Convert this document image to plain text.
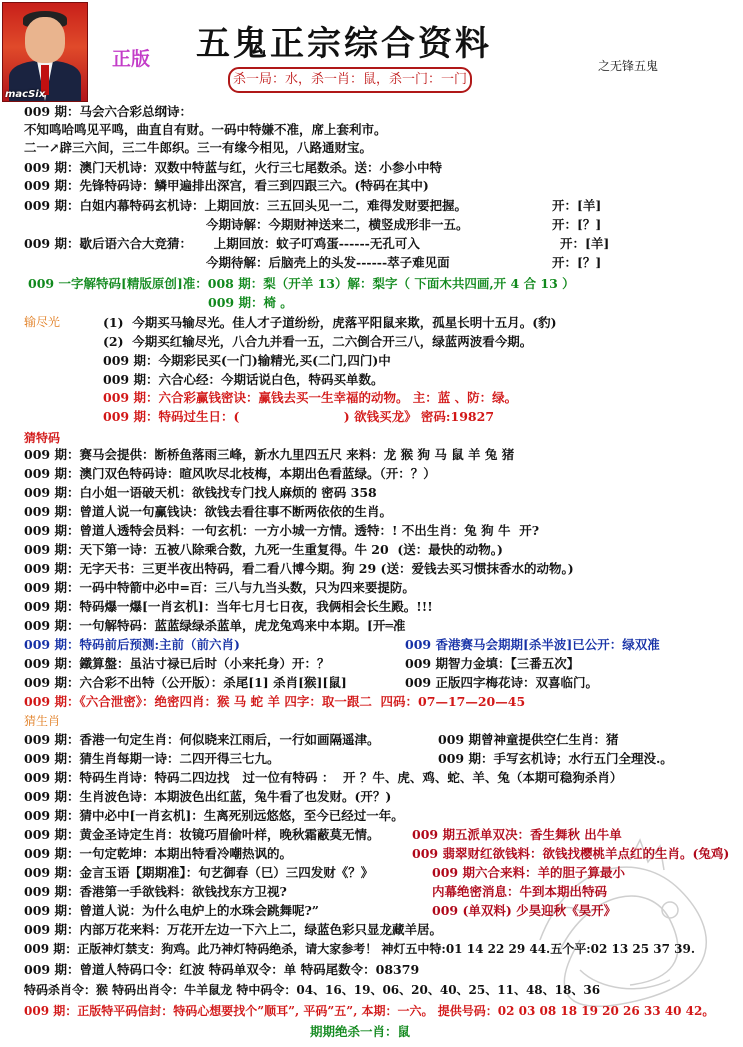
macSix
正版 五鬼正宗综合资料
之无锋五鬼
杀一局：水，杀一肖：鼠，杀一门：一门
009 期：马会六合彩总纲诗：
不知鸣哈鸣见平鸣，曲直自有财。一码中特嫌不准，席上套利市。
二一↗辟三六间，三二牛郎织。三一有缘今相见，八路通财宝。
009 期：澳门天机诗：双数中特蓝与红，火行三七尾数杀。送：小参小中特
009 期：先锋特码诗：鳞甲遍排出深宫，看三到四跟三六。(特码在其中)
009 期：白姐内幕特码玄机诗：上期回放：三五回头见一二，难得发财要把握。	开：[羊]
今期诗解：今期财神送来二，横竖成形非一五。	开：[？]
009 期：歇后语六合大竞猜：     上期回放：蚊子叮鸡蛋------无孔可入	开：[羊]
今期待解：后脑壳上的头发------萃子难见面	开：[？]
009 一字解特码[精版原创]准：008 期：梨（开羊 13）解：梨字（ 下面木共四画,开 4 合 13 ）
009 期：椅 。
输尽光	(1)  今期买马输尽光。佳人才子道纷纷，虎落平阳鼠来欺，孤星长明十五月。(豹)
(2)  今期买红输尽光，八合九并看一五，二六倒合开三八，绿蓝两波看今期。
009 期：今期彩民买(一门)输精光,买(二门,四门)中
009 期：六合心经：今期话说白色，特码买单数。
009 期：六合彩赢钱密诀：赢钱去买一生幸福的动物。 主：蓝 、防：绿。
009 期：特码过生日：(                        ) 欲钱买龙》 密码:19827
猜特码
009 期：赛马会提供：断桥鱼落雨三峰，新水九里四五尺 来料：龙 猴 狗 马 鼠 羊 兔 猪
009 期：澳门双色特码诗：暄风吹尽北枝梅，本期出色看蓝绿。（开：？）
009 期：白小姐一语破天机：欲钱找专门找人麻烦的 密码 358
009 期：曾道人说一句赢钱诀：欲钱去看往事不断两依依的生肖。
009 期：曾道人透特会员料：一句玄机：一方小城一方情。透特：! 不出生肖：兔 狗 牛  开?
009 期：天下第一诗：五被八除乘合数，九死一生重复得。牛 20  (送：最快的动物。)
009 期：无字天书：三更半夜出特码，看二看八博今期。狗 29 (送：爱钱去买习惯抹香水的动物。)
009 期：一码中特箭中必中=百：三八与九当头数，只为四来要提防。
009 期：特码爆一爆[一肖玄机]：当年七月七日夜，我俩相会长生殿。!!!
009 期：一句解特码：蓝蓝绿绿杀蓝单，虎龙兔鸡来中本期。[开═准
009 期：特码前后预测:主前（前六肖)	009 香港赛马会期期[杀半波]已公开：绿双准
009 期：鐵算盤：虽沾寸禄已后时（小来托身）开：？	009 期智力金填：【三番五次】
009 期：六合彩不出特（公开版）：杀尾[1] 杀肖[猴][鼠]	009 正版四字梅花诗：双喜临门。
009 期：《六合泄密》：绝密四肖：猴 马 蛇 羊 四字：取一跟二  四码：07—17—20—45
猜生肖
009 期：香港一句定生肖：何似晓来江雨后，一行如画隔遥津。	009 期曾神童提供空仁生肖：猪
009 期：猜生肖每期一诗：二四开得三七九。	009 期：手写玄机诗；水行五门全理没.。
009 期：特码生肖诗：特码二四边找   过一位有特码 ：  开 ？牛、虎、鸡、蛇、羊、兔（本期可稳狗杀肖）
009 期：生肖波色诗：本期波色出红蓝，兔牛看了也发财。(开？)
009 期：猜中必中[一肖玄机]：生离死别远悠悠，至今已经过一年。
009 期：黄金圣诗定生肖：妆镜巧眉偷叶样，晚秋霜蔽莫无情。	009 期五派单双决：香生舞秋 出牛单
009 期：一句定乾坤：本期出特看冷嘲热讽的。	009 翡翠财红欲钱料：欲钱找樱桃羊点红的生肖。(兔鸡)
009 期：金言玉语【期期准】：句艺御春（巳）三四发财《？》	009 期六合来料：羊的胆子算最小
009 期：香港第一手欲钱料：欲钱找东方卫视?	内幕绝密消息：牛到本期出特码
009 期：曾道人说：为什么电炉上的水珠会跳舞呢?”	009 (单双料) 少昊迎秋《昊开》
009 期：内部万花来料：万花开左边一下六上二，绿蓝色彩只显龙藏羊居。
009 期：正版神灯禁支：狗鸡。此乃神灯特码绝杀，请大家参考！ 神灯五中特:01 14 22 29 44.五个平:02 13 25 37 39.
009 期：曾道人特码口令：红波 特码单双令：单 特码尾数令：08379
特码杀肖令：猴 特码出肖令：牛羊鼠龙 特中码令：04、16、19、06、20、40、25、11、48、18、36
009 期：正版特平码信封：特码心想要找个”顺耳”, 平码”五”, 本期：一六。 提供号码：02 03 08 18 19 20 26 33 40 42。
期期绝杀一肖：鼠
